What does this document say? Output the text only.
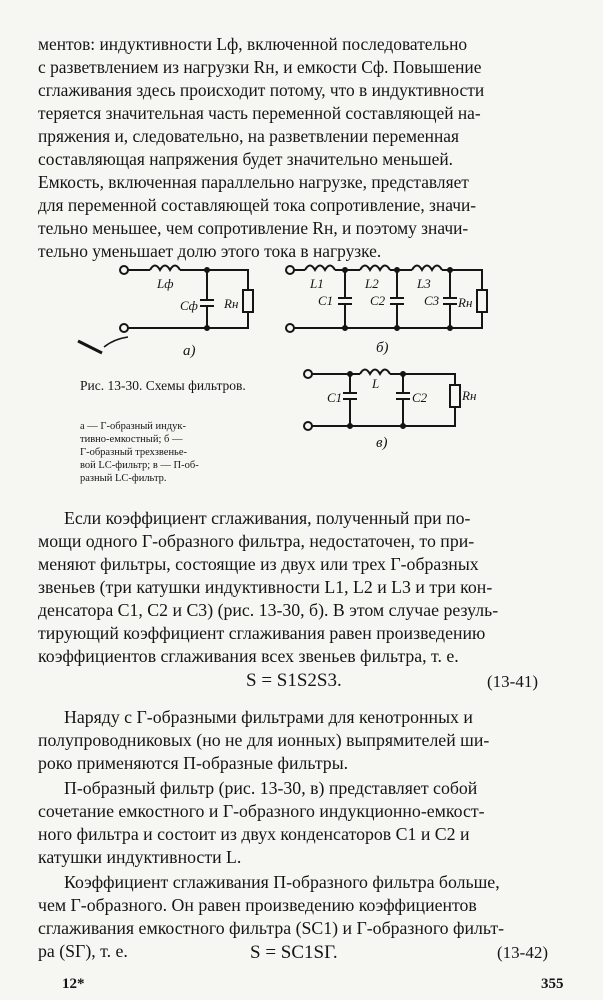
ментов: индуктивности Lф, включенной последовательно
с разветвлением из нагрузки Rн, и емкости Cф. Повышение
сглаживания здесь происходит потому, что в индуктивности
теряется значительная часть переменной составляющей на-
пряжения и, следовательно, на разветвлении переменная
составляющая напряжения будет значительно меньшей.
Емкость, включенная параллельно нагрузке, представляет
для переменной составляющей тока сопротивление, значи-
тельно меньшее, чем сопротивление Rн, и поэтому значи-
тельно уменьшает долю этого тока в нагрузке.
Lф
Cф Rн
а)
L1	L2	L3
C1	C2	C3 Rн
б)
L
C1	C2	Rн
в)
Рис. 13-30. Схемы фильтров.
а — Г-образный индук-
тивно-емкостный; б —
Г-образный трехзвенье-
вой LC-фильтр; в — П-об-
разный LC-фильтр.
Если коэффициент сглаживания, полученный при по-
мощи одного Г-образного фильтра, недостаточен, то при-
меняют фильтры, состоящие из двух или трех Г-образных
звеньев (три катушки индуктивности L1, L2 и L3 и три кон-
денсатора C1, C2 и C3) (рис. 13-30, б). В этом случае резуль-
тирующий коэффициент сглаживания равен произведению
коэффициентов сглаживания всех звеньев фильтра, т. е.
S = S1S2S3.	(13-41)
Наряду с Г-образными фильтрами для кенотронных и
полупроводниковых (но не для ионных) выпрямителей ши-
роко применяются П-образные фильтры.
П-образный фильтр (рис. 13-30, в) представляет собой
сочетание емкостного и Г-образного индукционно-емкост-
ного фильтра и состоит из двух конденсаторов C1 и C2 и
катушки индуктивности L.
Коэффициент сглаживания П-образного фильтра больше,
чем Г-образного. Он равен произведению коэффициентов
сглаживания емкостного фильтра (SC1) и Г-образного фильт-
ра (SГ), т. е.	S = SC1SГ.	(13-42)
12*	355
